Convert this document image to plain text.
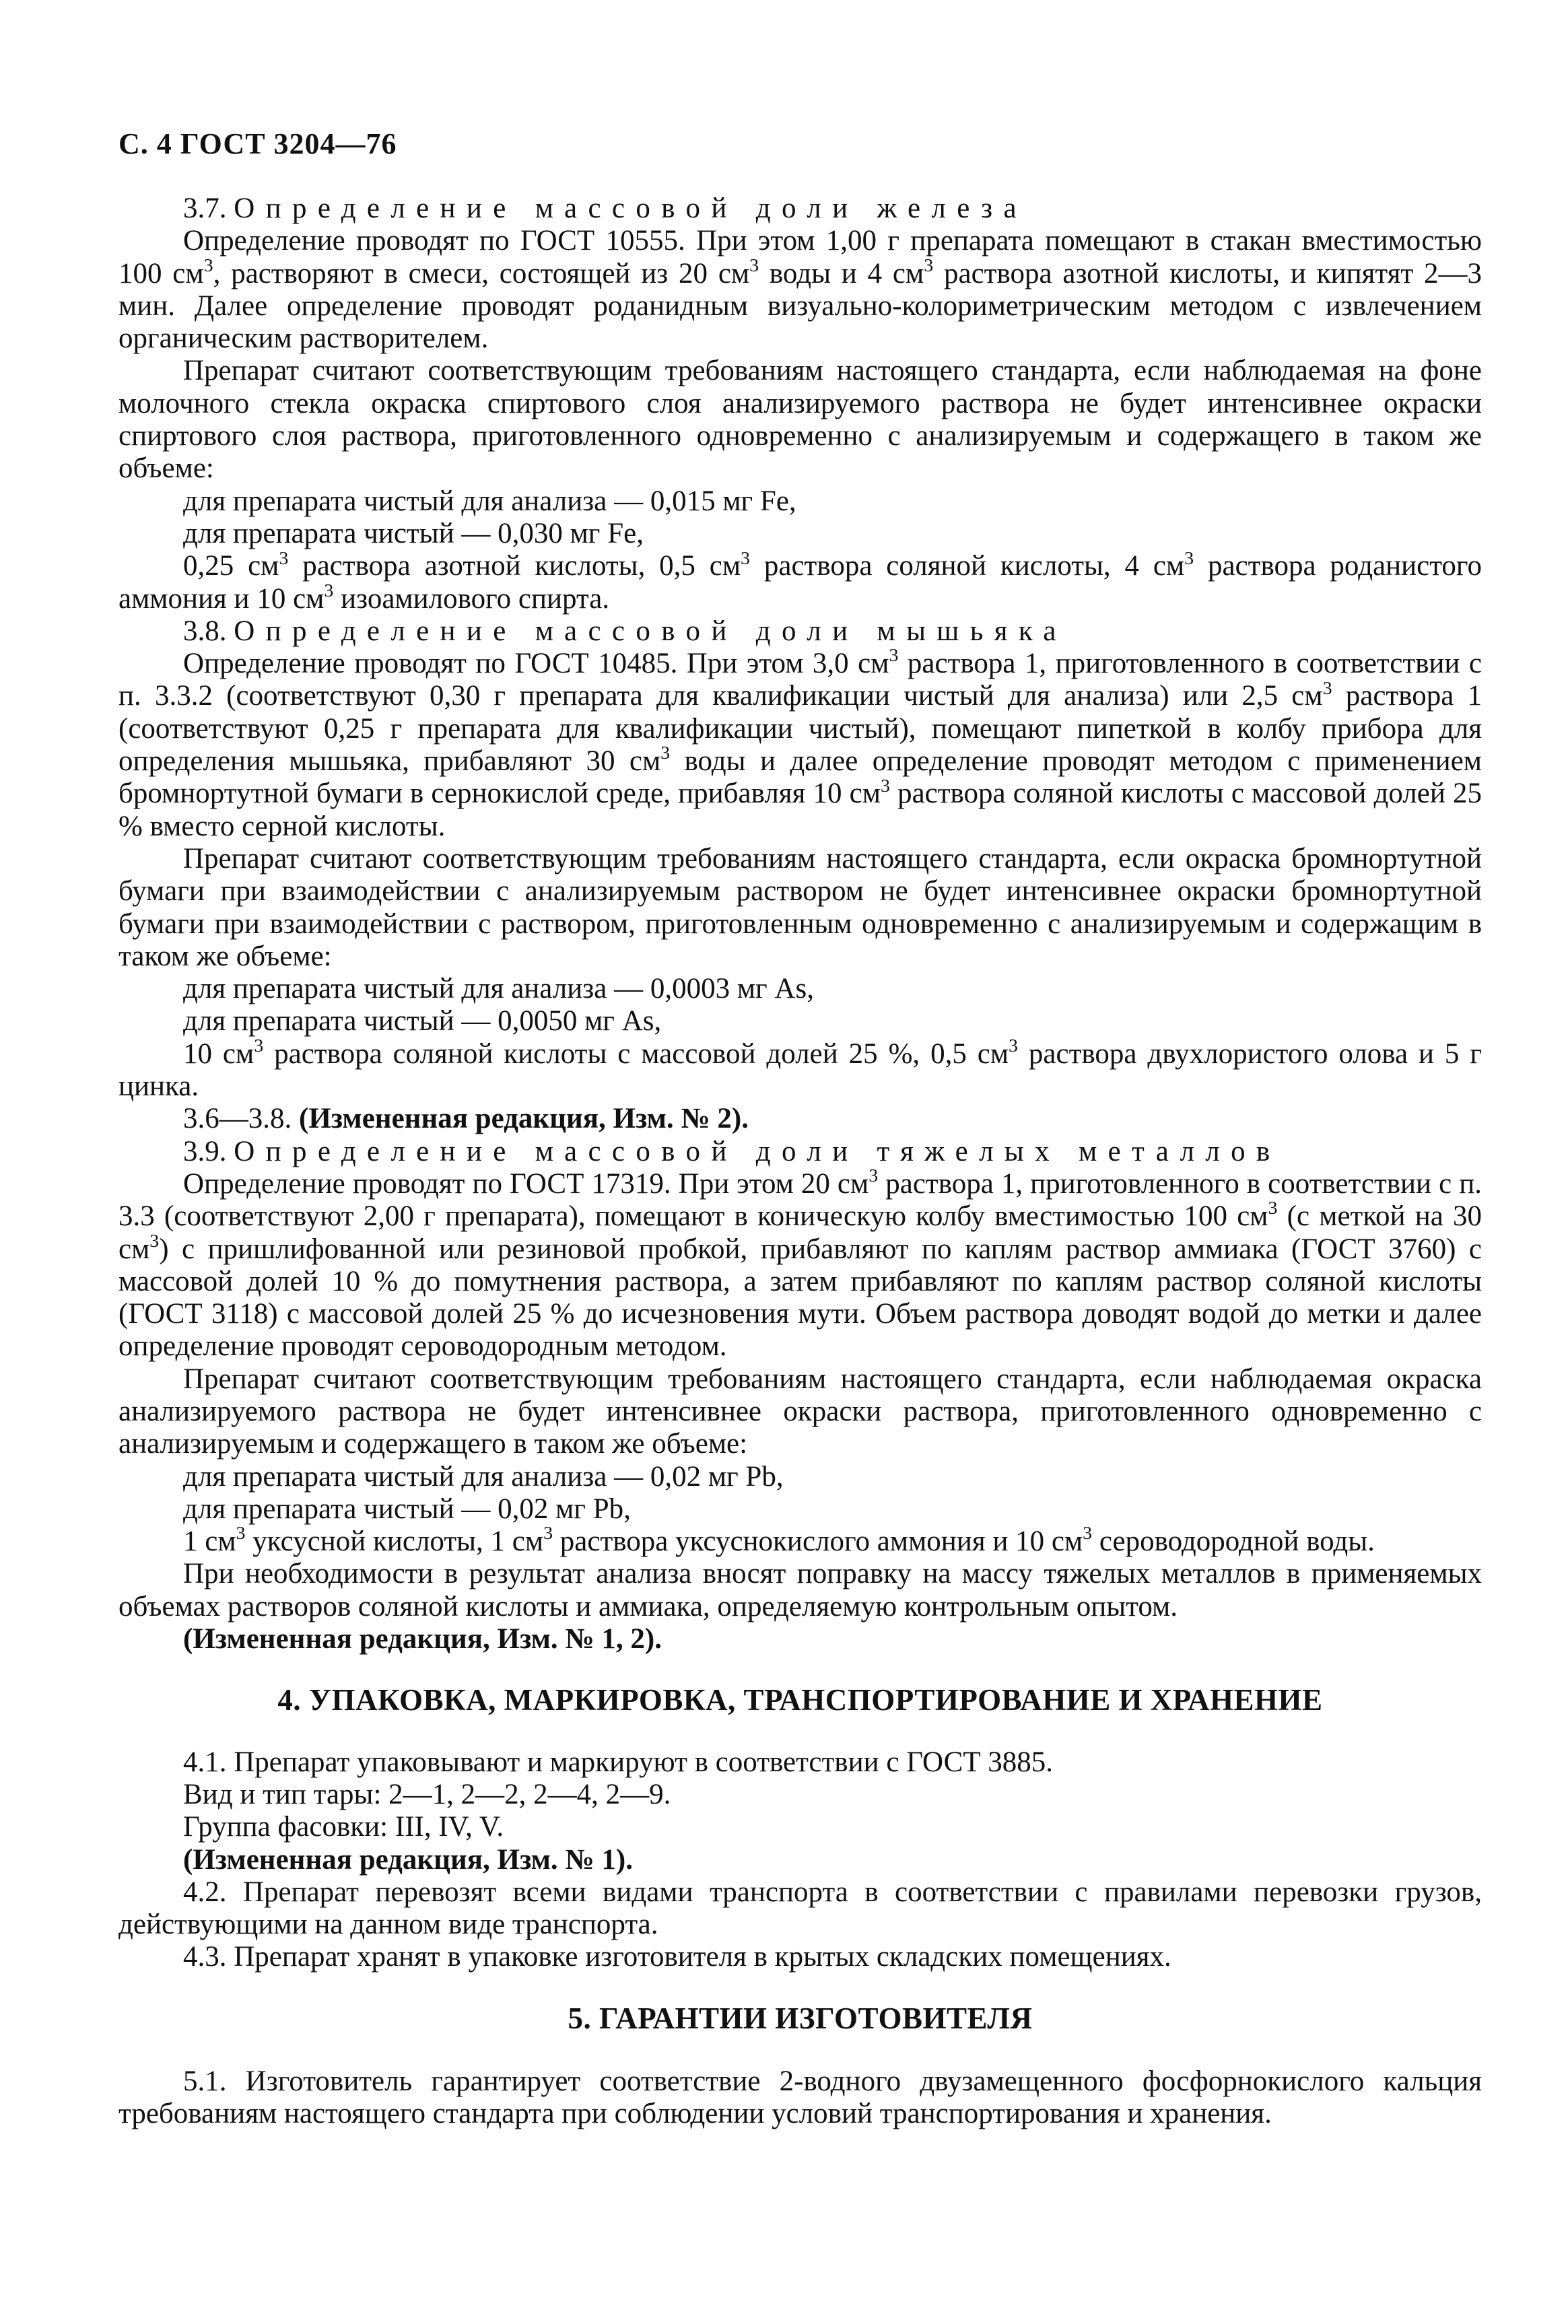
С. 4 ГОСТ 3204—76

3.7. Определение массовой доли железа

Определение проводят по ГОСТ 10555. При этом 1,00 г препарата помещают в стакан вместимостью 100 $см^3$, растворяют в смеси, состоящей из 20 $см^3$ воды и 4 $см^3$ раствора азотной кислоты, и кипятят 2—3 мин. Далее определение проводят роданидным визуально-колориметрическим методом с извлечением органическим растворителем.

Препарат считают соответствующим требованиям настоящего стандарта, если наблюдаемая на фоне молочного стекла окраска спиртового слоя анализируемого раствора не будет интенсивнее окраски спиртового слоя раствора, приготовленного одновременно с анализируемым и содержащего в таком же объеме:

для препарата чистый для анализа — 0,015 мг Fe,

для препарата чистый — 0,030 мг Fe,

0,25 $см^3$ раствора азотной кислоты, 0,5 $см^3$ раствора соляной кислоты, 4 $см^3$ раствора роданистого аммония и 10 $см^3$ изоамилового спирта.

3.8. Определение массовой доли мышьяка

Определение проводят по ГОСТ 10485. При этом 3,0 $см^3$ раствора 1, приготовленного в соответствии с п. 3.3.2 (соответствуют 0,30 г препарата для квалификации чистый для анализа) или 2,5 $см^3$ раствора 1 (соответствуют 0,25 г препарата для квалификации чистый), помещают пипеткой в колбу прибора для определения мышьяка, прибавляют 30 $см^3$ воды и далее определение проводят методом с применением бромнортутной бумаги в сернокислой среде, прибавляя 10 $см^3$ раствора соляной кислоты с массовой долей 25 % вместо серной кислоты.

Препарат считают соответствующим требованиям настоящего стандарта, если окраска бромнортутной бумаги при взаимодействии с анализируемым раствором не будет интенсивнее окраски бромнортутной бумаги при взаимодействии с раствором, приготовленным одновременно с анализируемым и содержащим в таком же объеме:

для препарата чистый для анализа — 0,0003 мг As,

для препарата чистый — 0,0050 мг As,

10 $см^3$ раствора соляной кислоты с массовой долей 25 %, 0,5 $см^3$ раствора двухлористого олова и 5 г цинка.

3.6—3.8. (Измененная редакция, Изм. № 2).

3.9. Определение массовой доли тяжелых металлов

Определение проводят по ГОСТ 17319. При этом 20 $см^3$ раствора 1, приготовленного в соответствии с п. 3.3 (соответствуют 2,00 г препарата), помещают в коническую колбу вместимостью 100 $см^3$ (с меткой на 30 $см^3$) с пришлифованной или резиновой пробкой, прибавляют по каплям раствор аммиака (ГОСТ 3760) с массовой долей 10 % до помутнения раствора, а затем прибавляют по каплям раствор соляной кислоты (ГОСТ 3118) с массовой долей 25 % до исчезновения мути. Объем раствора доводят водой до метки и далее определение проводят сероводородным методом.

Препарат считают соответствующим требованиям настоящего стандарта, если наблюдаемая окраска анализируемого раствора не будет интенсивнее окраски раствора, приготовленного одновременно с анализируемым и содержащего в таком же объеме:

для препарата чистый для анализа — 0,02 мг Pb,

для препарата чистый — 0,02 мг Pb,

1 $см^3$ уксусной кислоты, 1 $см^3$ раствора уксуснокислого аммония и 10 $см^3$ сероводородной воды.

При необходимости в результат анализа вносят поправку на массу тяжелых металлов в применяемых объемах растворов соляной кислоты и аммиака, определяемую контрольным опытом.

(Измененная редакция, Изм. № 1, 2).

4. УПАКОВКА, МАРКИРОВКА, ТРАНСПОРТИРОВАНИЕ И ХРАНЕНИЕ

4.1. Препарат упаковывают и маркируют в соответствии с ГОСТ 3885.

Вид и тип тары: 2—1, 2—2, 2—4, 2—9.

Группа фасовки: III, IV, V.

(Измененная редакция, Изм. № 1).

4.2. Препарат перевозят всеми видами транспорта в соответствии с правилами перевозки грузов, действующими на данном виде транспорта.

4.3. Препарат хранят в упаковке изготовителя в крытых складских помещениях.

5. ГАРАНТИИ ИЗГОТОВИТЕЛЯ

5.1. Изготовитель гарантирует соответствие 2-водного двузамещенного фосфорнокислого кальция требованиям настоящего стандарта при соблюдении условий транспортирования и хранения.
